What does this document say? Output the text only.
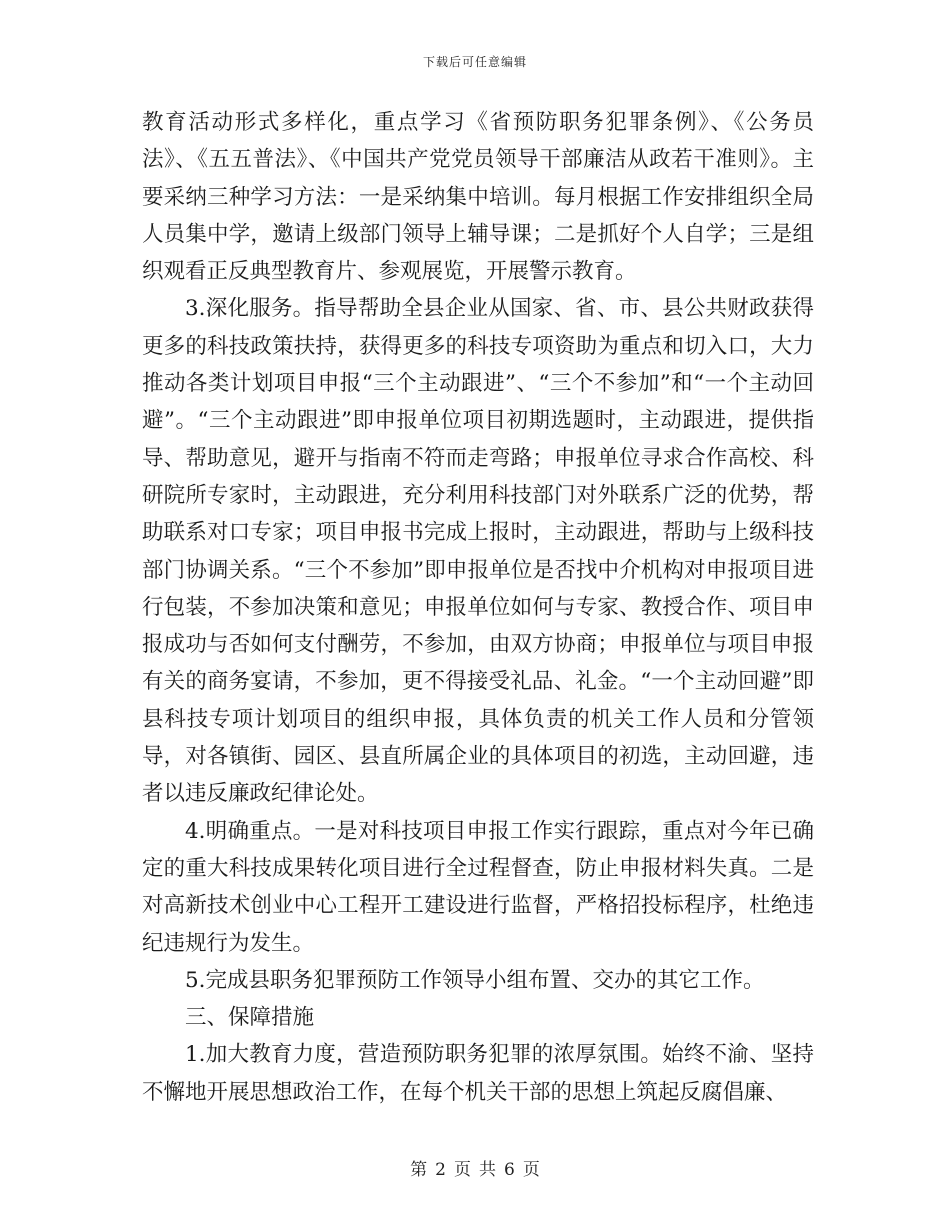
下载后可任意编辑

教育活动形式多样化，重点学习《省预防职务犯罪条例》、《公务员法》、《五五普法》、《中国共产党党员领导干部廉洁从政若干准则》。主要采纳三种学习方法：一是采纳集中培训。每月根据工作安排组织全局人员集中学，邀请上级部门领导上辅导课；二是抓好个人自学；三是组织观看正反典型教育片、参观展览，开展警示教育。

3.深化服务。指导帮助全县企业从国家、省、市、县公共财政获得更多的科技政策扶持，获得更多的科技专项资助为重点和切入口，大力推动各类计划项目申报“三个主动跟进”、“三个不参加”和“一个主动回避”。“三个主动跟进”即申报单位项目初期选题时，主动跟进，提供指导、帮助意见，避开与指南不符而走弯路；申报单位寻求合作高校、科研院所专家时，主动跟进，充分利用科技部门对外联系广泛的优势，帮助联系对口专家；项目申报书完成上报时，主动跟进，帮助与上级科技部门协调关系。“三个不参加”即申报单位是否找中介机构对申报项目进行包装，不参加决策和意见；申报单位如何与专家、教授合作、项目申报成功与否如何支付酬劳，不参加，由双方协商；申报单位与项目申报有关的商务宴请，不参加，更不得接受礼品、礼金。“一个主动回避”即县科技专项计划项目的组织申报，具体负责的机关工作人员和分管领导，对各镇街、园区、县直所属企业的具体项目的初选，主动回避，违者以违反廉政纪律论处。

4.明确重点。一是对科技项目申报工作实行跟踪，重点对今年已确定的重大科技成果转化项目进行全过程督查，防止申报材料失真。二是对高新技术创业中心工程开工建设进行监督，严格招投标程序，杜绝违纪违规行为发生。

5.完成县职务犯罪预防工作领导小组布置、交办的其它工作。

三、保障措施

1.加大教育力度，营造预防职务犯罪的浓厚氛围。始终不渝、坚持不懈地开展思想政治工作，在每个机关干部的思想上筑起反腐倡廉、

第 2 页 共 6 页
